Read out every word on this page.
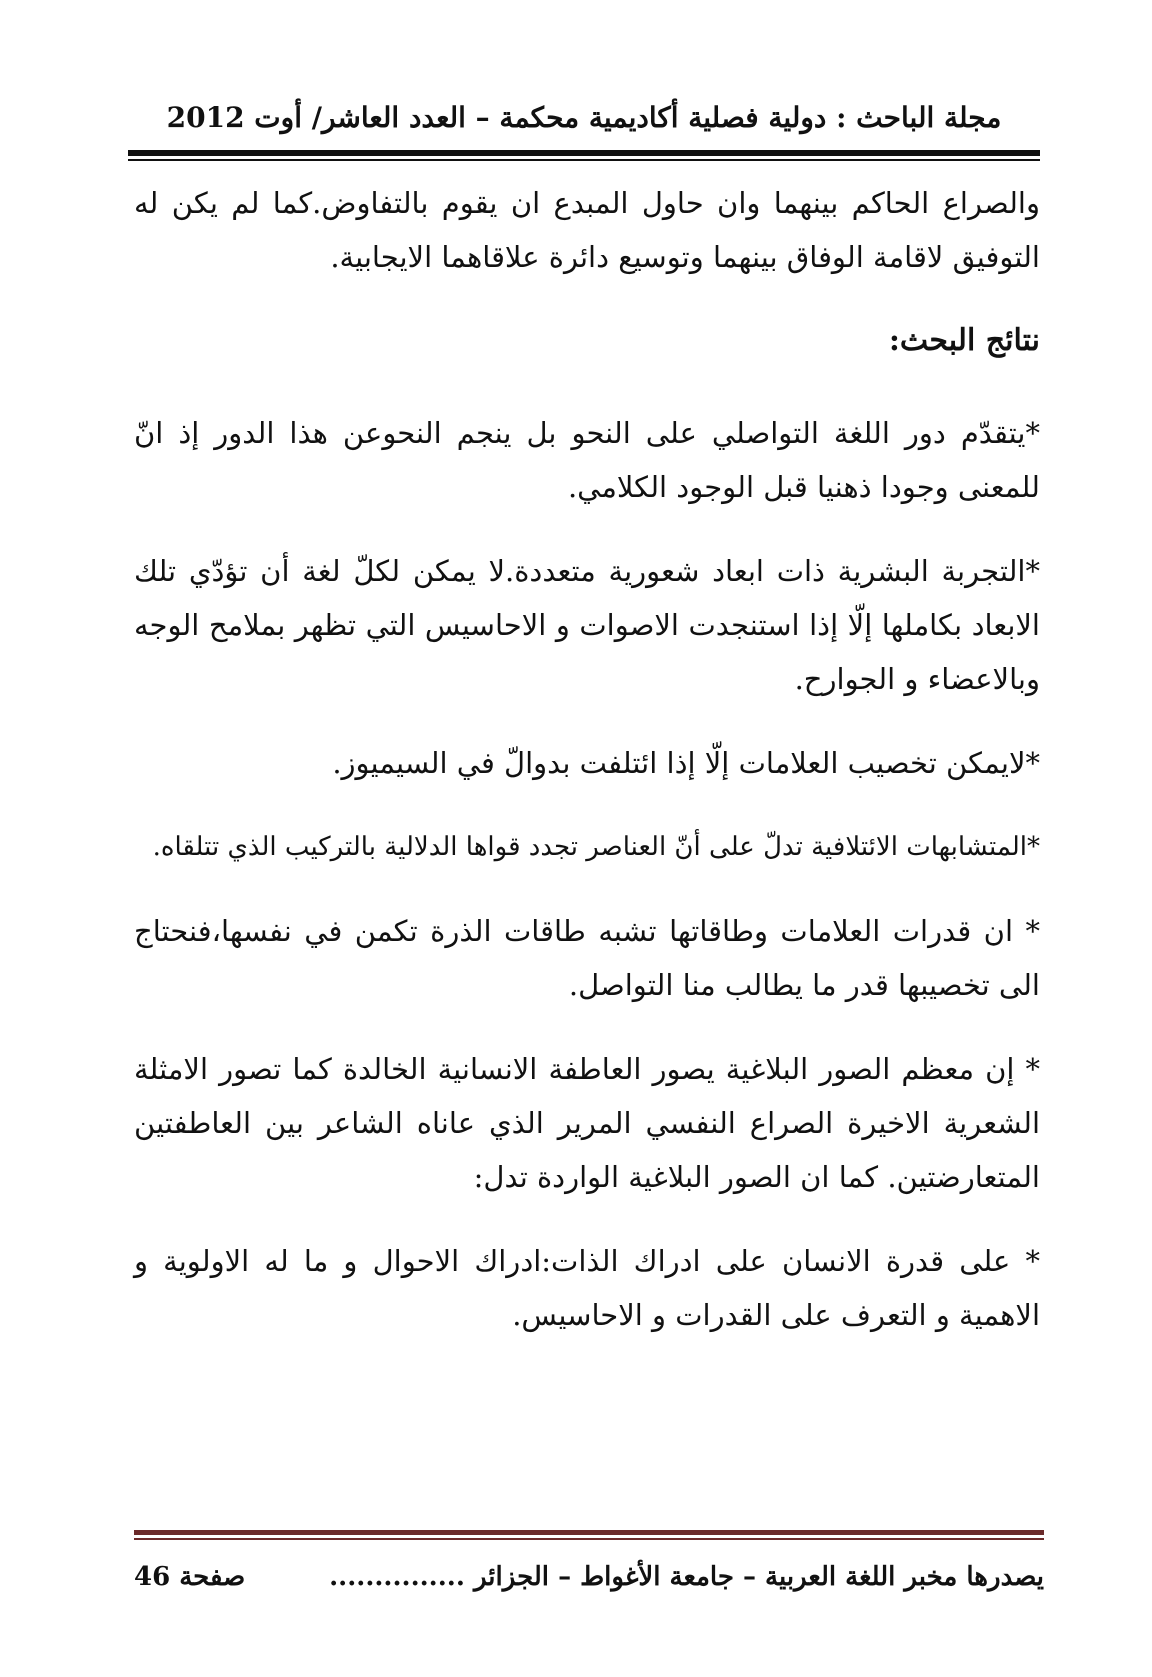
مجلة الباحث : دولية فصلية أكاديمية محكمة – العدد العاشر/ أوت 2012

والصراع الحاكم بينهما وان حاول المبدع ان يقوم بالتفاوض.كما لم يكن له التوفيق لاقامة الوفاق بينهما وتوسيع دائرة علاقاهما الايجابية.

نتائج البحث:

*يتقدّم دور اللغة التواصلي على النحو بل ينجم النحوعن هذا الدور إذ انّ للمعنى وجودا ذهنيا قبل الوجود الكلامي.

*التجربة البشرية ذات ابعاد شعورية متعددة.لا يمكن لكلّ لغة أن تؤدّي تلك الابعاد بكاملها إلّا إذا استنجدت الاصوات و الاحاسيس التي تظهر بملامح الوجه وبالاعضاء و الجوارح.

*لايمكن تخصيب العلامات إلّا إذا ائتلفت بدوالّ في السيميوز.

*المتشابهات الائتلافية تدلّ على أنّ العناصر تجدد قواها الدلالية بالتركيب الذي تتلقاه.

* ان قدرات العلامات وطاقاتها تشبه طاقات الذرة تكمن في نفسها،فنحتاج الى تخصيبها قدر ما يطالب منا التواصل.

* إن معظم الصور البلاغية يصور العاطفة الانسانية الخالدة كما تصور الامثلة الشعرية الاخيرة الصراع النفسي المرير الذي عاناه الشاعر بين العاطفتين المتعارضتين. كما ان الصور البلاغية الواردة تدل:

* على قدرة الانسان على ادراك الذات:ادراك الاحوال و ما له الاولوية و الاهمية و التعرف على القدرات و الاحاسيس.

يصدرها مخبر اللغة العربية – جامعة الأغواط – الجزائر ...............
صفحة 46
